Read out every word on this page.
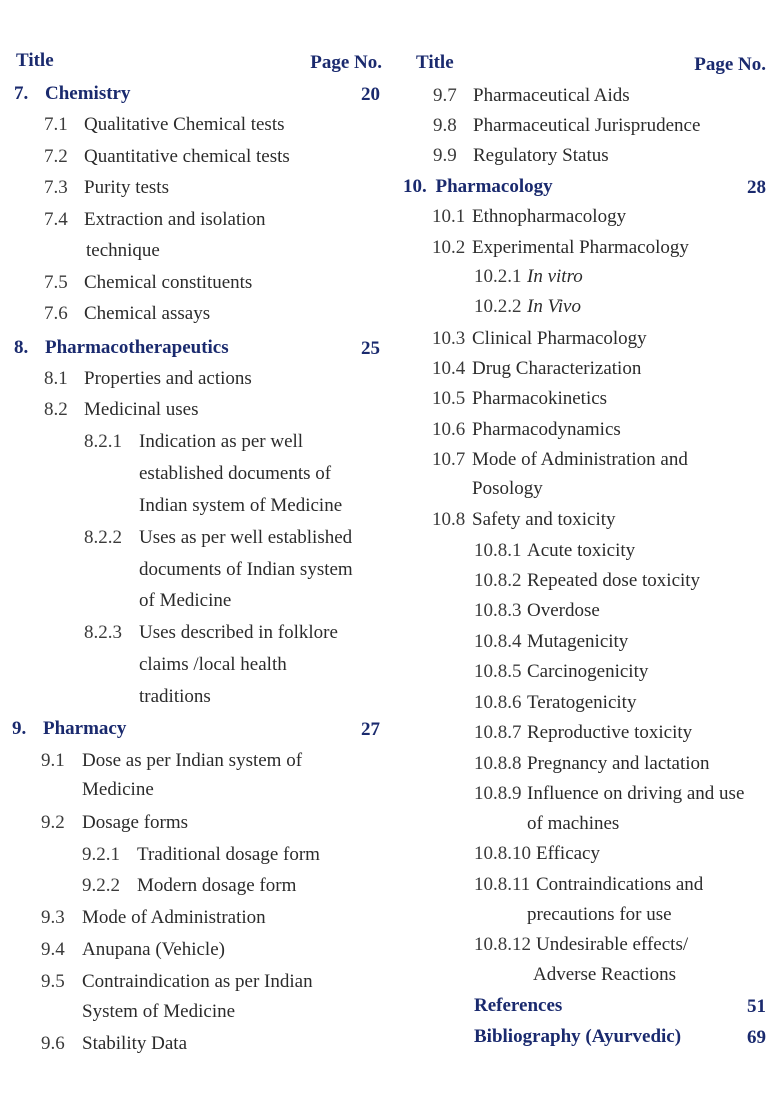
Title	Page No.
7. Chemistry	20
7.1 Qualitative Chemical tests
7.2 Quantitative chemical tests
7.3 Purity tests
7.4 Extraction and isolation
technique
7.5 Chemical constituents
7.6 Chemical assays
8. Pharmacotherapeutics	25
8.1 Properties and actions
8.2 Medicinal uses
8.2.1 Indication as per well
established documents of
Indian system of Medicine
8.2.2 Uses as per well established
documents of Indian system
of Medicine
8.2.3 Uses described in folklore
claims /local health
traditions
9. Pharmacy	27
9.1 Dose as per Indian system of
Medicine
9.2 Dosage forms
9.2.1 Traditional dosage form
9.2.2 Modern dosage form
9.3 Mode of Administration
9.4 Anupana (Vehicle)
9.5 Contraindication as per Indian
System of Medicine
9.6 Stability Data
Title	Page No.
9.7 Pharmaceutical Aids
9.8 Pharmaceutical Jurisprudence
9.9 Regulatory Status
10. Pharmacology	28
10.1 Ethnopharmacology
10.2 Experimental Pharmacology
10.2.1 In vitro
10.2.2 In Vivo
10.3 Clinical Pharmacology
10.4 Drug Characterization
10.5 Pharmacokinetics
10.6 Pharmacodynamics
10.7 Mode of Administration and
Posology
10.8 Safety and toxicity
10.8.1 Acute toxicity
10.8.2 Repeated dose toxicity
10.8.3 Overdose
10.8.4 Mutagenicity
10.8.5 Carcinogenicity
10.8.6 Teratogenicity
10.8.7 Reproductive toxicity
10.8.8 Pregnancy and lactation
10.8.9 Influence on driving and use
of machines
10.8.10 Efficacy
10.8.11 Contraindications and
precautions for use
10.8.12 Undesirable effects/
Adverse Reactions
References	51
Bibliography (Ayurvedic)	69
